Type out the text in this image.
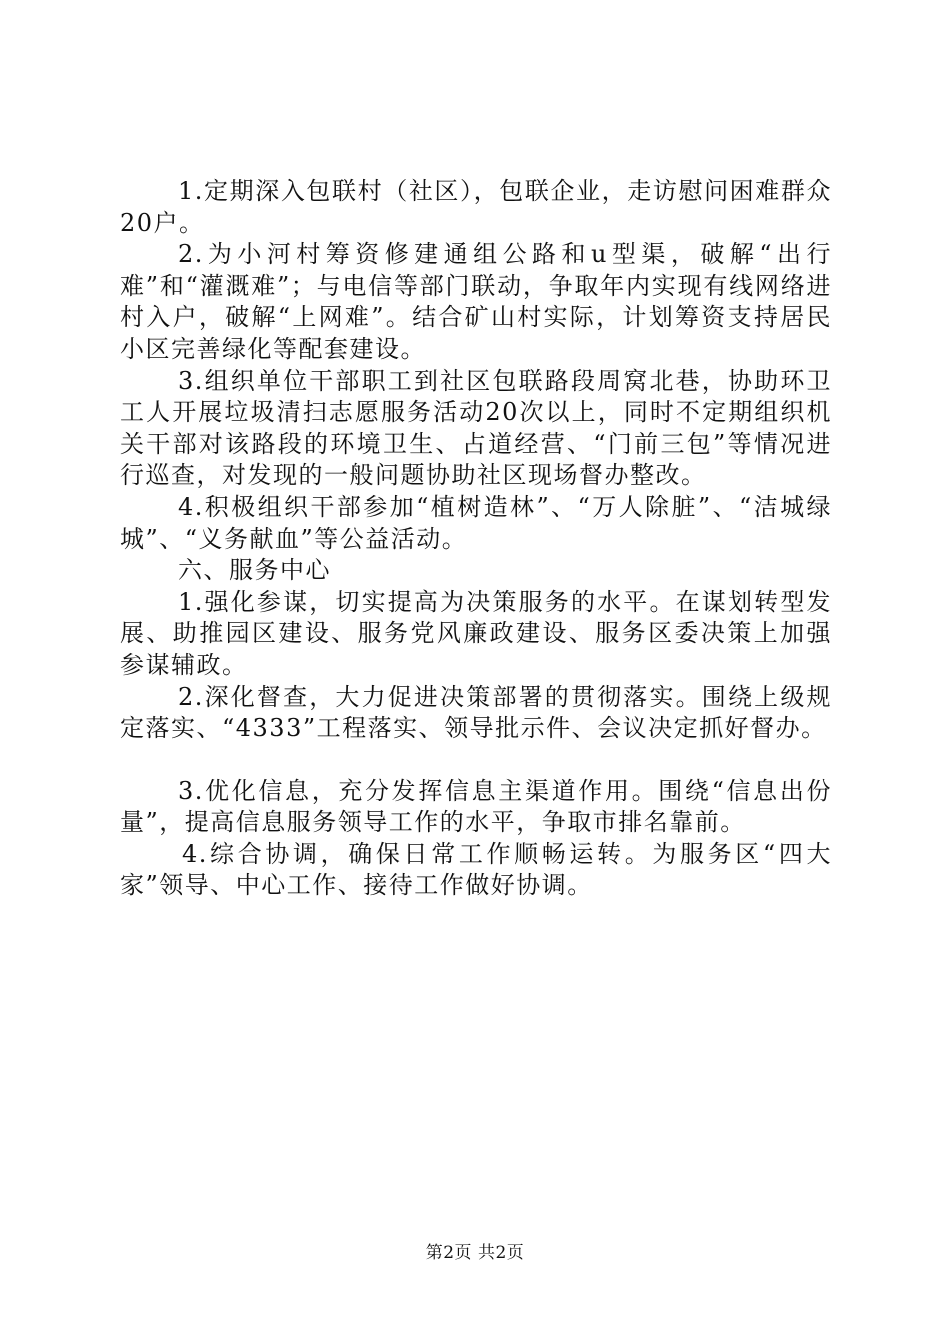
1.定期深入包联村（社区），包联企业，走访慰问困难群众20户。

2.为小河村筹资修建通组公路和u型渠，破解“出行难”和“灌溉难”；与电信等部门联动，争取年内实现有线网络进村入户，破解“上网难”。结合矿山村实际，计划筹资支持居民小区完善绿化等配套建设。

3.组织单位干部职工到社区包联路段周窝北巷，协助环卫工人开展垃圾清扫志愿服务活动20次以上，同时不定期组织机关干部对该路段的环境卫生、占道经营、“门前三包”等情况进行巡查，对发现的一般问题协助社区现场督办整改。

4.积极组织干部参加“植树造林”、“万人除脏”、“洁城绿城”、“义务献血”等公益活动。

六、服务中心

1.强化参谋，切实提高为决策服务的水平。在谋划转型发展、助推园区建设、服务党风廉政建设、服务区委决策上加强参谋辅政。

2.深化督查，大力促进决策部署的贯彻落实。围绕上级规定落实、“4333”工程落实、领导批示件、会议决定抓好督办。

3.优化信息，充分发挥信息主渠道作用。围绕“信息出份量”，提高信息服务领导工作的水平，争取市排名靠前。

4.综合协调，确保日常工作顺畅运转。为服务区“四大家”领导、中心工作、接待工作做好协调。

第2页 共2页
